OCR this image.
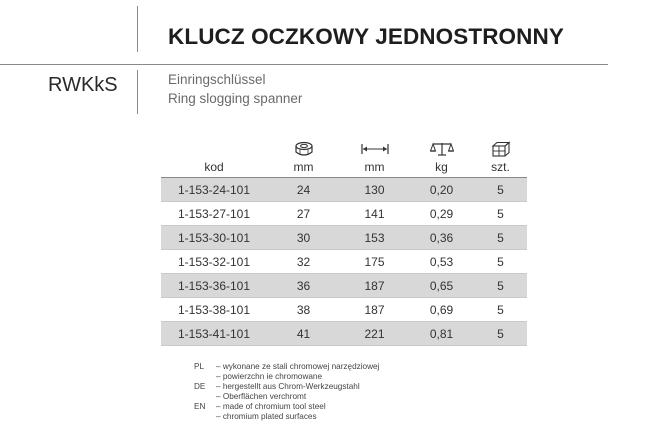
KLUCZ OCZKOWY JEDNOSTRONNY
RWKkS	Einringschlüssel
Ring slogging spanner
kod	mm	mm	kg	szt.
1-153-24-101	24	130	0,20	5
1-153-27-101	27	141	0,29	5
1-153-30-101	30	153	0,36	5
1-153-32-101	32	175	0,53	5
1-153-36-101	36	187	0,65	5
1-153-38-101	38	187	0,69	5
1-153-41-101	41	221	0,81	5
PL	– wykonane ze stali chromowej narzędziowej
– powierzchn ie chromowane
DE	– hergestellt aus Chrom-Werkzeugstahl
– Oberflächen verchromt
EN	– made of chromium tool steel
– chromium plated surfaces
